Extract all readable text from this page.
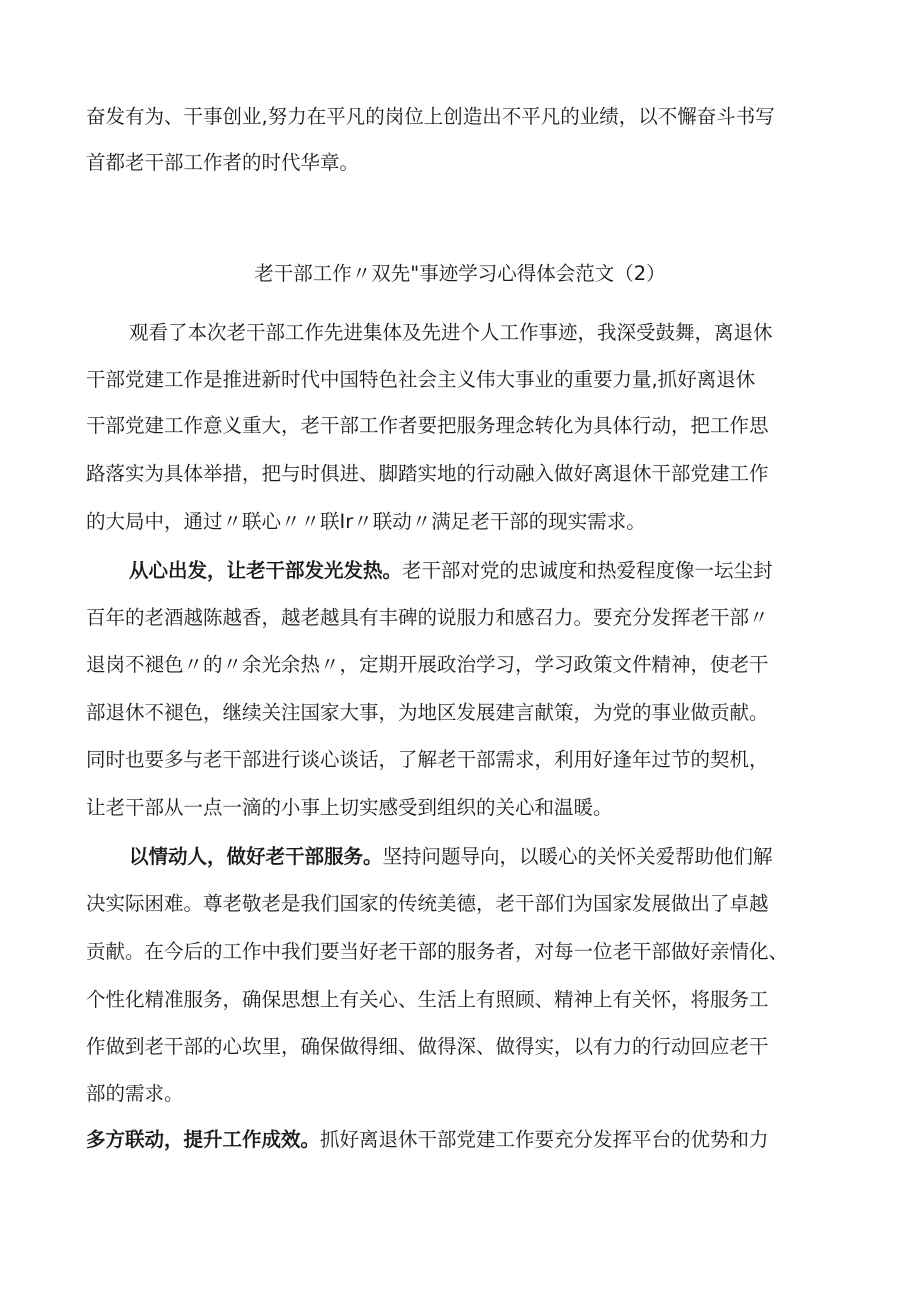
奋发有为、干事创业,努力在平凡的岗位上创造出不平凡的业绩，以不懈奋斗书写
首都老干部工作者的时代华章。
老干部工作〃双先"事迹学习心得体会范文（2）
观看了本次老干部工作先进集体及先进个人工作事迹，我深受鼓舞，离退休
干部党建工作是推进新时代中国特色社会主义伟大事业的重要力量,抓好离退休
干部党建工作意义重大，老干部工作者要把服务理念转化为具体行动，把工作思
路落实为具体举措，把与时俱进、脚踏实地的行动融入做好离退休干部党建工作
的大局中，通过〃联心〃〃联Ir〃联动〃满足老干部的现实需求。
从心出发，让老干部发光发热。老干部对党的忠诚度和热爱程度像一坛尘封
百年的老酒越陈越香，越老越具有丰碑的说服力和感召力。要充分发挥老干部〃
退岗不褪色〃的〃余光余热〃，定期开展政治学习，学习政策文件精神，使老干
部退休不褪色，继续关注国家大事，为地区发展建言献策，为党的事业做贡献。
同时也要多与老干部进行谈心谈话，了解老干部需求，利用好逢年过节的契机，
让老干部从一点一滴的小事上切实感受到组织的关心和温暖。
以情动人，做好老干部服务。坚持问题导向，以暖心的关怀关爱帮助他们解
决实际困难。尊老敬老是我们国家的传统美德，老干部们为国家发展做出了卓越
贡献。在今后的工作中我们要当好老干部的服务者，对每一位老干部做好亲情化、
个性化精准服务，确保思想上有关心、生活上有照顾、精神上有关怀，将服务工
作做到老干部的心坎里，确保做得细、做得深、做得实，以有力的行动回应老干
部的需求。
多方联动，提升工作成效。抓好离退休干部党建工作要充分发挥平台的优势和力
